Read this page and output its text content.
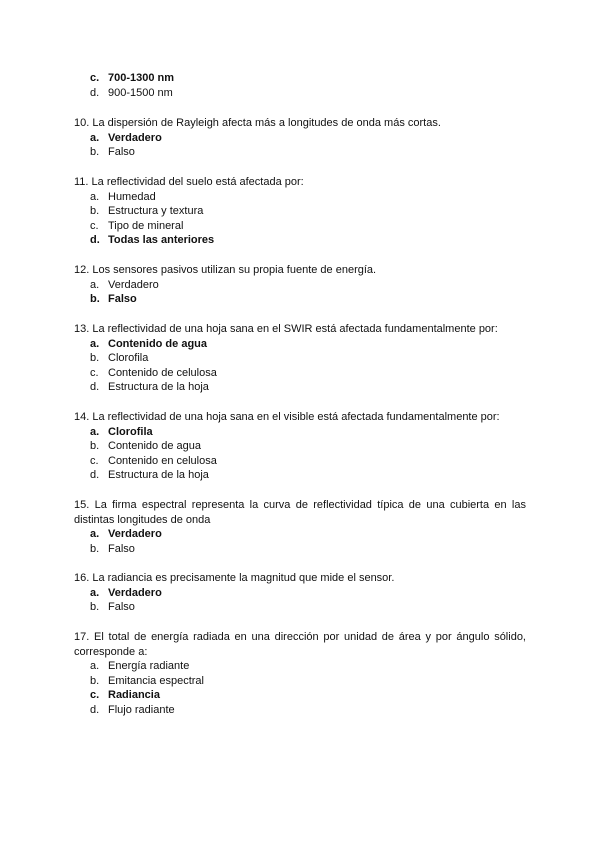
c. 700-1300 nm
d. 900-1500 nm

10. La dispersión de Rayleigh afecta más a longitudes de onda más cortas.

a. Verdadero
b. Falso

11. La reflectividad del suelo está afectada por:

a. Humedad
b. Estructura y textura
c. Tipo de mineral
d. Todas las anteriores

12. Los sensores pasivos utilizan su propia fuente de energía.

a. Verdadero
b. Falso

13. La reflectividad de una hoja sana en el SWIR está afectada fundamentalmente por:

a. Contenido de agua
b. Clorofila
c. Contenido de celulosa
d. Estructura de la hoja

14. La reflectividad de una hoja sana en el visible está afectada fundamentalmente por:

a. Clorofila
b. Contenido de agua
c. Contenido en celulosa
d. Estructura de la hoja

15. La firma espectral representa la curva de reflectividad típica de una cubierta en las distintas longitudes de onda

a. Verdadero
b. Falso

16. La radiancia es precisamente la magnitud que mide el sensor.

a. Verdadero
b. Falso

17. El total de energía radiada en una dirección por unidad de área y por ángulo sólido, corresponde a:

a. Energía radiante
b. Emitancia espectral
c. Radiancia
d. Flujo radiante
